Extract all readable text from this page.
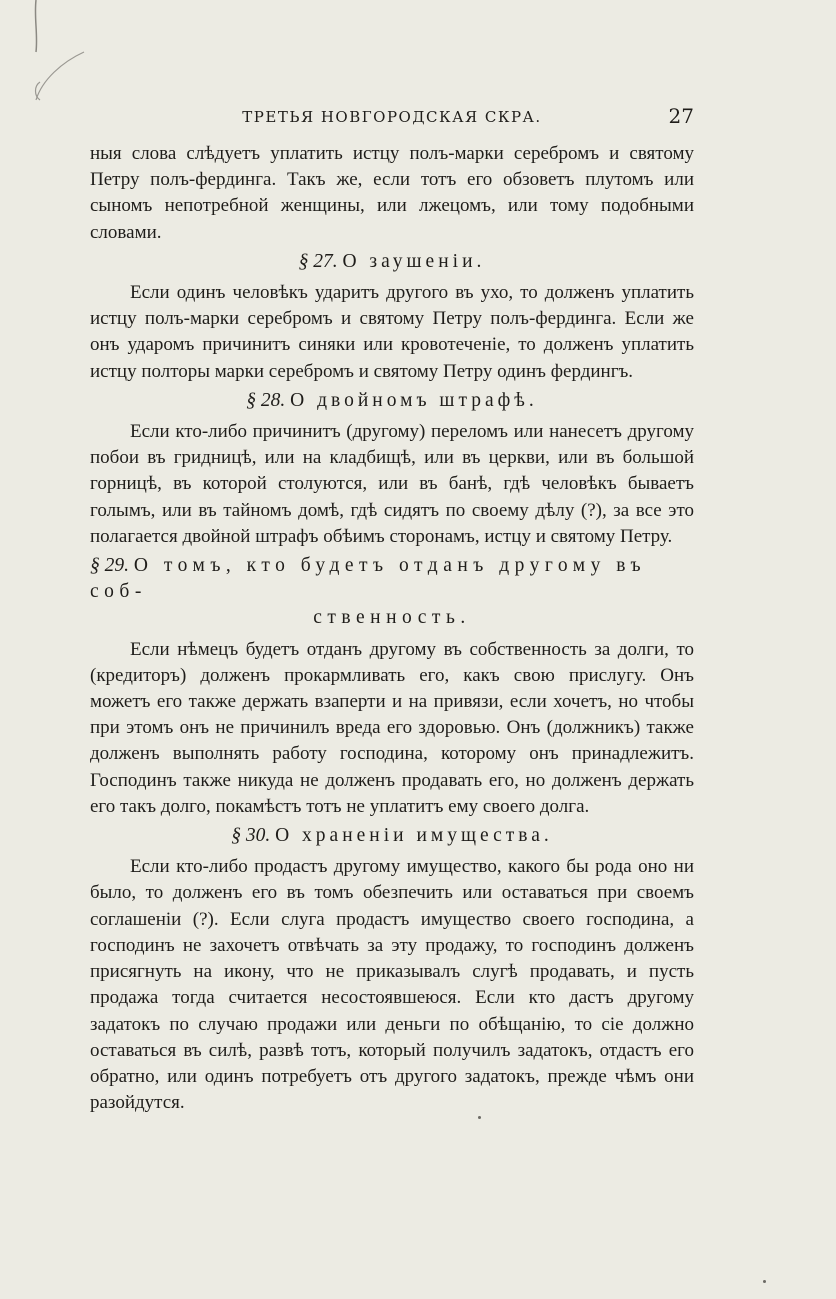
ТРЕТЬЯ НОВГОРОДСКАЯ СКРА.	27

ныя слова слѣдуетъ уплатить истцу полъ-марки серебромъ и святому Петру полъ-фердинга. Такъ же, если тотъ его обзоветъ плутомъ или сыномъ непотребной женщины, или лжецомъ, или тому подобными словами.

§ 27. О заушенiи.

Если одинъ человѣкъ ударитъ другого въ ухо, то долженъ уплатить истцу полъ-марки серебромъ и святому Петру полъ-фердинга. Если же онъ ударомъ причинитъ синяки или кровотеченiе, то долженъ уплатить истцу полторы марки серебромъ и святому Петру одинъ фердингъ.

§ 28. О двойномъ штрафѣ.

Если кто-либо причинитъ (другому) переломъ или нанесетъ другому побои въ гридницѣ, или на кладбищѣ, или въ церкви, или въ большой горницѣ, въ которой столуются, или въ банѣ, гдѣ человѣкъ бываетъ голымъ, или въ тайномъ домѣ, гдѣ сидятъ по своему дѣлу (?), за все это полагается двойной штрафъ обѣимъ сторонамъ, истцу и святому Петру.

§ 29. О томъ, кто будетъ отданъ другому въ соб-
ственность.

Если нѣмецъ будетъ отданъ другому въ собственность за долги, то (кредиторъ) долженъ прокармливать его, какъ свою прислугу. Онъ можетъ его также держать взаперти и на привязи, если хочетъ, но чтобы при этомъ онъ не причинилъ вреда его здоровью. Онъ (должникъ) также долженъ выполнять работу господина, которому онъ принадлежитъ. Господинъ также никуда не долженъ продавать его, но долженъ держать его такъ долго, покамѣстъ тотъ не уплатитъ ему своего долга.

§ 30. О храненiи имущества.

Если кто-либо продастъ другому имущество, какого бы рода оно ни было, то долженъ его въ томъ обезпечить или оставаться при своемъ соглашенiи (?). Если слуга продастъ имущество своего господина, а господинъ не захочетъ отвѣчать за эту продажу, то господинъ долженъ присягнуть на икону, что не приказывалъ слугѣ продавать, и пусть продажа тогда считается несостоявшеюся. Если кто дастъ другому задатокъ по случаю продажи или деньги по обѣщанiю, то сiе должно оставаться въ силѣ, развѣ тотъ, который получилъ задатокъ, отдастъ его обратно, или одинъ потребуетъ отъ другого задатокъ, прежде чѣмъ они разойдутся.
